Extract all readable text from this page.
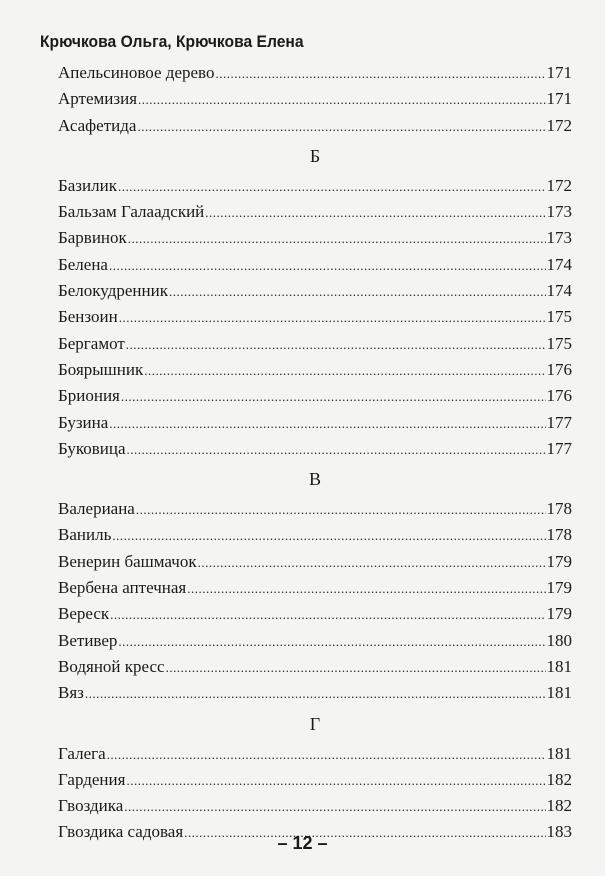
Крючкова Ольга, Крючкова Елена
Апельсиновое дерево .....	171
Артемизия .....	171
Асафетида .....	172
Б
Базилик .....	172
Бальзам Галаадский .....	173
Барвинок .....	173
Белена .....	174
Белокудренник .....	174
Бензоин .....	175
Бергамот .....	175
Боярышник .....	176
Бриония .....	176
Бузина .....	177
Буковица .....	177
В
Валериана .....	178
Ваниль .....	178
Венерин башмачок .....	179
Вербена аптечная .....	179
Вереск .....	179
Ветивер .....	180
Водяной кресс .....	181
Вяз .....	181
Г
Галега .....	181
Гардения .....	182
Гвоздика .....	182
Гвоздика садовая .....	183
– 12 –
